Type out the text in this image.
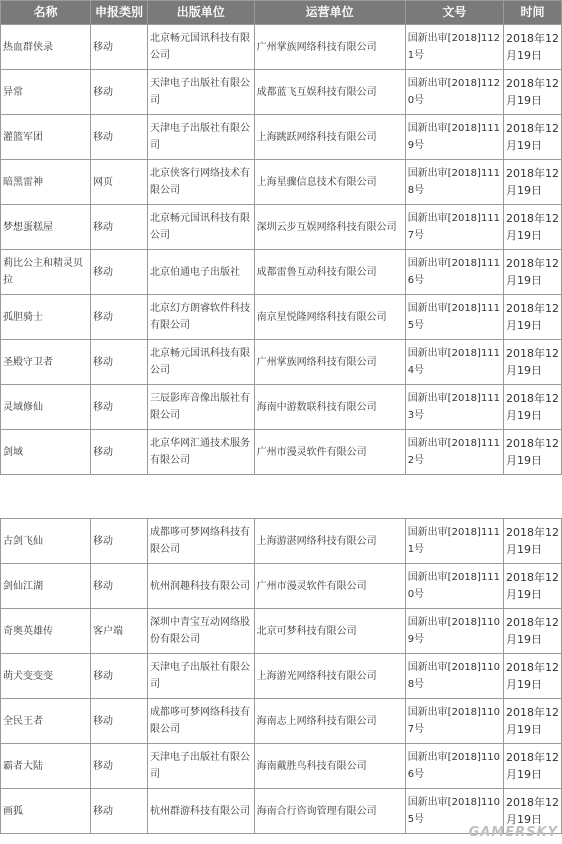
名称	申报类别	出版单位	运营单位	文号	时间
热血群侠录	移动	北京畅元国讯科技有限公司	广州掌族网络科技有限公司	国新出审[2018]1121号	2018年12月19日
异常	移动	天津电子出版社有限公司	成都蓝飞互娱科技有限公司	国新出审[2018]1120号	2018年12月19日
灌篮军团	移动	天津电子出版社有限公司	上海跳跃网络科技有限公司	国新出审[2018]1119号	2018年12月19日
暗黑雷神	网页	北京侠客行网络技术有限公司	上海星骤信息技术有限公司	国新出审[2018]1118号	2018年12月19日
梦想蛋糕屋	移动	北京畅元国讯科技有限公司	深圳云步互娱网络科技有限公司	国新出审[2018]1117号	2018年12月19日
莉比公主和精灵贝拉	移动	北京伯通电子出版社	成都雷鲁互动科技有限公司	国新出审[2018]1116号	2018年12月19日
孤胆骑士	移动	北京幻方朗睿软件科技有限公司	南京星悦隆网络科技有限公司	国新出审[2018]1115号	2018年12月19日
圣殿守卫者	移动	北京畅元国讯科技有限公司	广州掌族网络科技有限公司	国新出审[2018]1114号	2018年12月19日
灵域修仙	移动	三辰影库音像出版社有限公司	海南中游数联科技有限公司	国新出审[2018]1113号	2018年12月19日
剑域	移动	北京华网汇通技术服务有限公司	广州市漫灵软件有限公司	国新出审[2018]1112号	2018年12月19日
古剑飞仙	移动	成都哆可梦网络科技有限公司	上海游湛网络科技有限公司	国新出审[2018]1111号	2018年12月19日
剑仙江湖	移动	杭州润趣科技有限公司	广州市漫灵软件有限公司	国新出审[2018]1110号	2018年12月19日
奇奥英雄传	客户端	深圳中青宝互动网络股份有限公司	北京可梦科技有限公司	国新出审[2018]1109号	2018年12月19日
萌犬变变变	移动	天津电子出版社有限公司	上海游光网络科技有限公司	国新出审[2018]1108号	2018年12月19日
全民王者	移动	成都哆可梦网络科技有限公司	海南志上网络科技有限公司	国新出审[2018]1107号	2018年12月19日
霸者大陆	移动	天津电子出版社有限公司	海南戴胜鸟科技有限公司	国新出审[2018]1106号	2018年12月19日
画狐	移动	杭州群游科技有限公司	海南合行咨询管理有限公司	国新出审[2018]1105号	2018年12月19日
GAMERSKY
